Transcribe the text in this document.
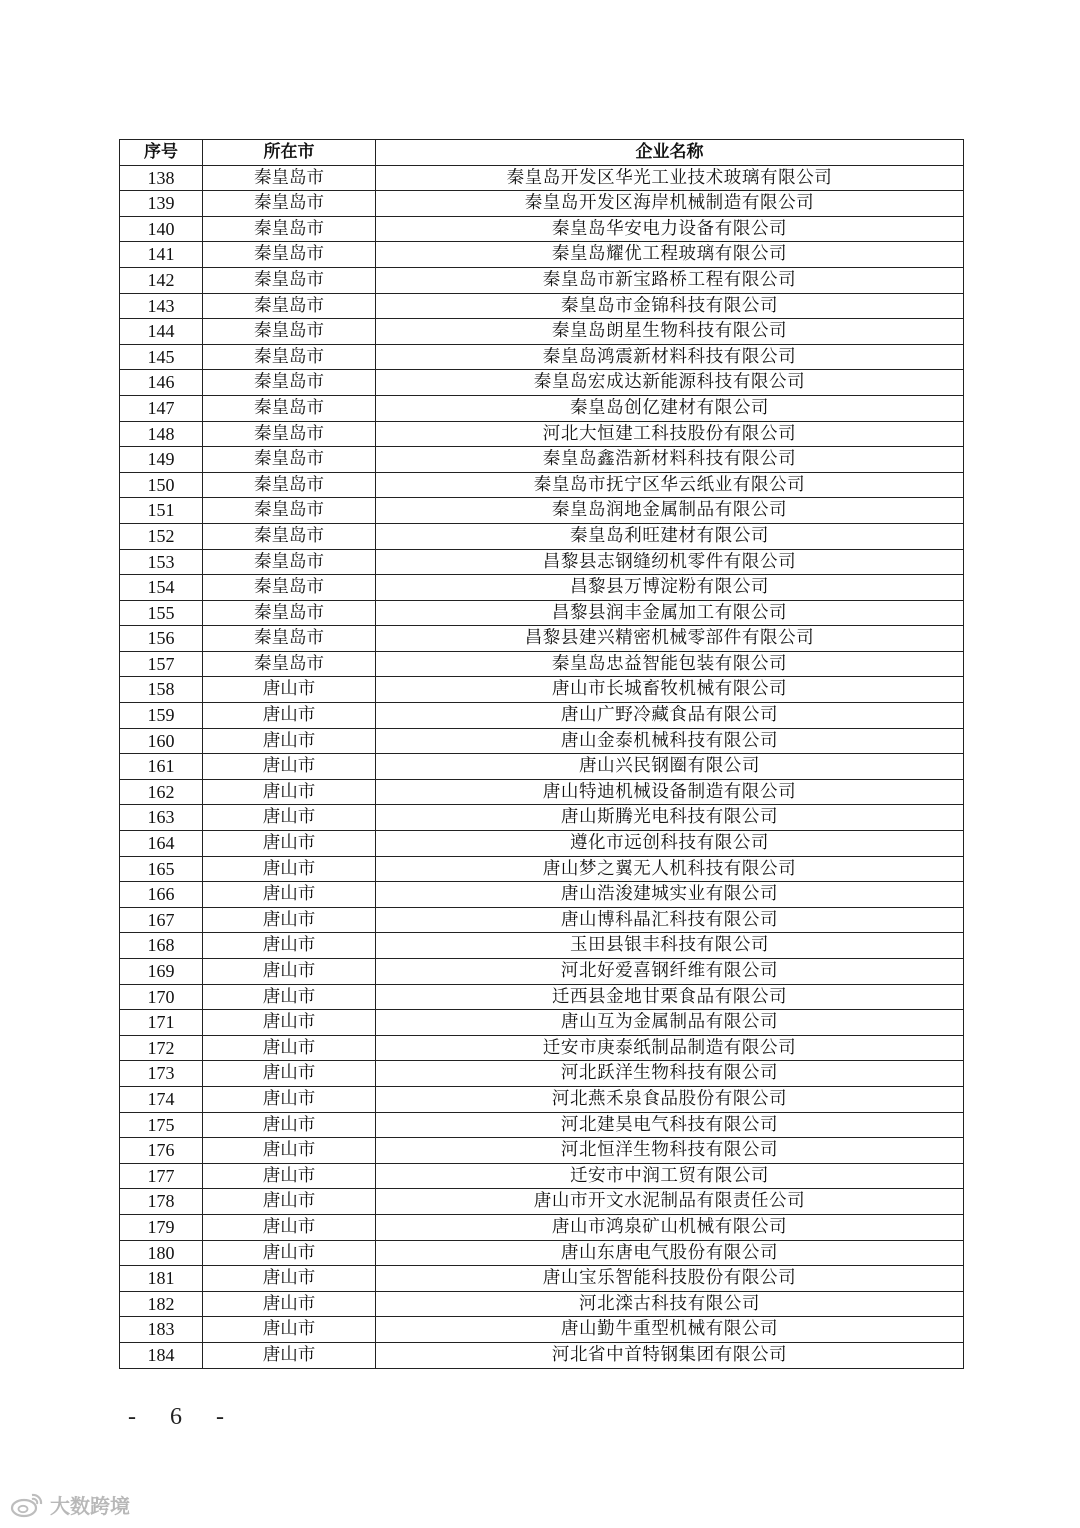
序号	所在市	企业名称
138	秦皇岛市	秦皇岛开发区华光工业技术玻璃有限公司
139	秦皇岛市	秦皇岛开发区海岸机械制造有限公司
140	秦皇岛市	秦皇岛华安电力设备有限公司
141	秦皇岛市	秦皇岛耀优工程玻璃有限公司
142	秦皇岛市	秦皇岛市新宝路桥工程有限公司
143	秦皇岛市	秦皇岛市金锦科技有限公司
144	秦皇岛市	秦皇岛朗星生物科技有限公司
145	秦皇岛市	秦皇岛鸿震新材料科技有限公司
146	秦皇岛市	秦皇岛宏成达新能源科技有限公司
147	秦皇岛市	秦皇岛创亿建材有限公司
148	秦皇岛市	河北大恒建工科技股份有限公司
149	秦皇岛市	秦皇岛鑫浩新材料科技有限公司
150	秦皇岛市	秦皇岛市抚宁区华云纸业有限公司
151	秦皇岛市	秦皇岛润地金属制品有限公司
152	秦皇岛市	秦皇岛利旺建材有限公司
153	秦皇岛市	昌黎县志钢缝纫机零件有限公司
154	秦皇岛市	昌黎县万博淀粉有限公司
155	秦皇岛市	昌黎县润丰金属加工有限公司
156	秦皇岛市	昌黎县建兴精密机械零部件有限公司
157	秦皇岛市	秦皇岛忠益智能包装有限公司
158	唐山市	唐山市长城畜牧机械有限公司
159	唐山市	唐山广野冷藏食品有限公司
160	唐山市	唐山金泰机械科技有限公司
161	唐山市	唐山兴民钢圈有限公司
162	唐山市	唐山特迪机械设备制造有限公司
163	唐山市	唐山斯腾光电科技有限公司
164	唐山市	遵化市远创科技有限公司
165	唐山市	唐山梦之翼无人机科技有限公司
166	唐山市	唐山浩浚建城实业有限公司
167	唐山市	唐山博科晶汇科技有限公司
168	唐山市	玉田县银丰科技有限公司
169	唐山市	河北好爱喜钢纤维有限公司
170	唐山市	迁西县金地甘栗食品有限公司
171	唐山市	唐山互为金属制品有限公司
172	唐山市	迁安市庚泰纸制品制造有限公司
173	唐山市	河北跃洋生物科技有限公司
174	唐山市	河北燕禾泉食品股份有限公司
175	唐山市	河北建昊电气科技有限公司
176	唐山市	河北恒洋生物科技有限公司
177	唐山市	迁安市中润工贸有限公司
178	唐山市	唐山市开文水泥制品有限责任公司
179	唐山市	唐山市鸿泉矿山机械有限公司
180	唐山市	唐山东唐电气股份有限公司
181	唐山市	唐山宝乐智能科技股份有限公司
182	唐山市	河北滦古科技有限公司
183	唐山市	唐山勤牛重型机械有限公司
184	唐山市	河北省中首特钢集团有限公司
- 6 -
大数跨境
